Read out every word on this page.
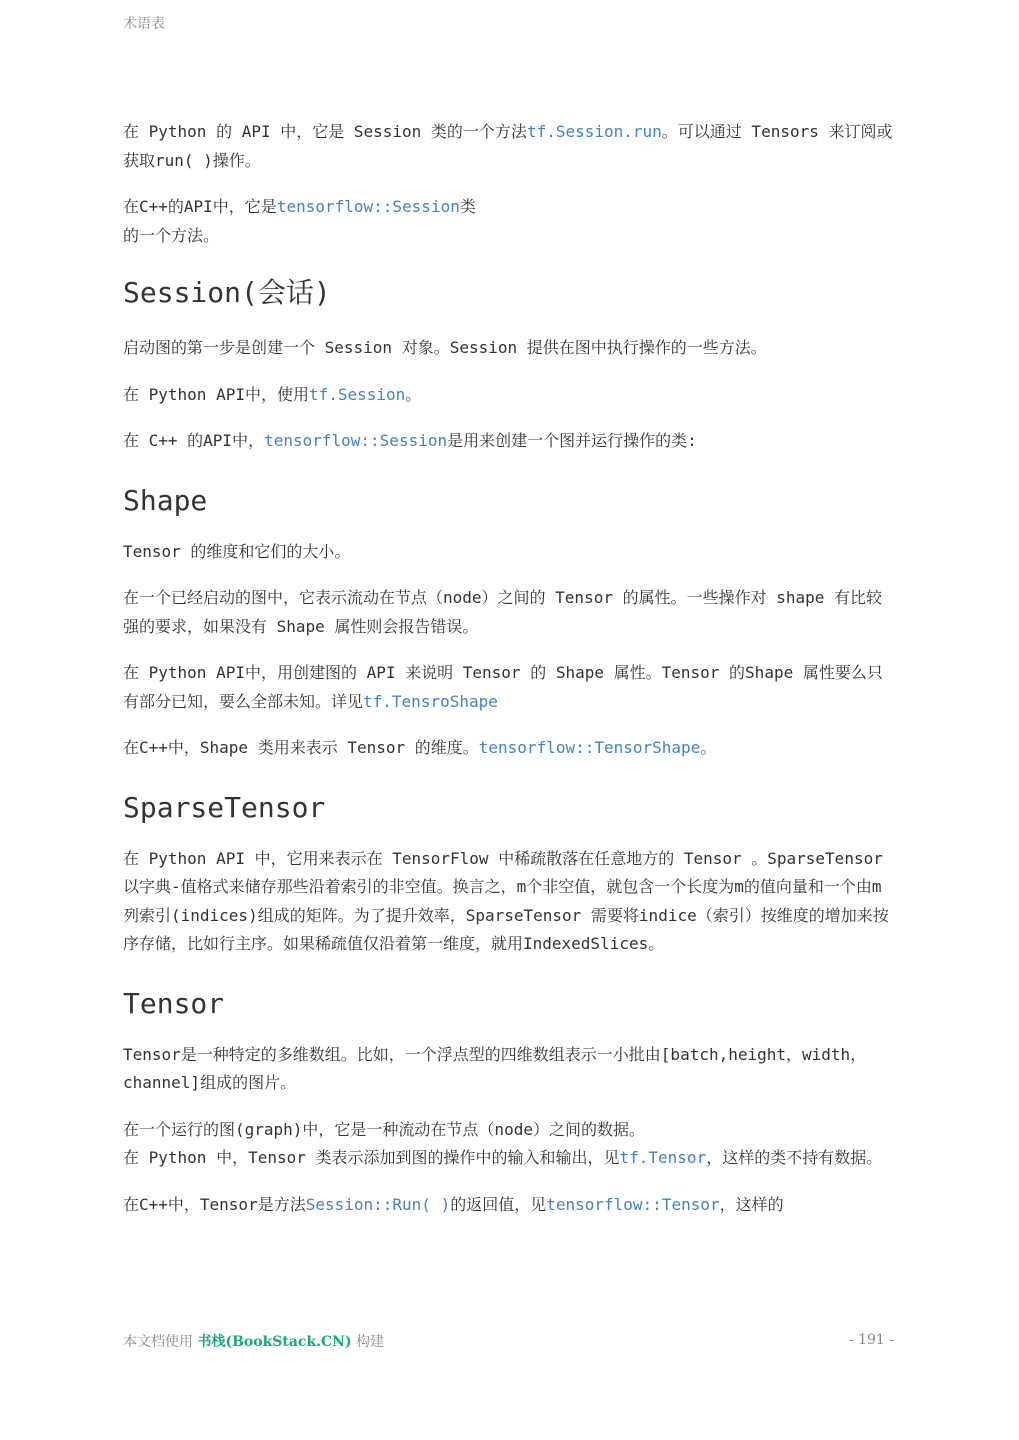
术语表

在 Python 的 API 中，它是 Session 类的一个方法tf.Session.run。可以通过 Tensors 来订阅或获取run( )操作。

在C++的API中，它是tensorflow::Session类
的一个方法。

Session(会话)

启动图的第一步是创建一个 Session 对象。Session 提供在图中执行操作的一些方法。

在 Python API中，使用tf.Session。

在 C++ 的API中，tensorflow::Session是用来创建一个图并运行操作的类:

Shape

Tensor 的维度和它们的大小。

在一个已经启动的图中，它表示流动在节点（node）之间的 Tensor 的属性。一些操作对 shape 有比较强的要求，如果没有 Shape 属性则会报告错误。

在 Python API中，用创建图的 API 来说明 Tensor 的 Shape 属性。Tensor 的Shape 属性要么只有部分已知，要么全部未知。详见tf.TensroShape

在C++中，Shape 类用来表示 Tensor 的维度。tensorflow::TensorShape。

SparseTensor

在 Python API 中，它用来表示在 TensorFlow 中稀疏散落在任意地方的 Tensor 。SparseTensor 以字典-值格式来储存那些沿着索引的非空值。换言之，m个非空值，就包含一个长度为m的值向量和一个由m列索引(indices)组成的矩阵。为了提升效率，SparseTensor 需要将indice（索引）按维度的增加来按序存储，比如行主序。如果稀疏值仅沿着第一维度，就用IndexedSlices。

Tensor

Tensor是一种特定的多维数组。比如，一个浮点型的四维数组表示一小批由[batch,height，width，channel]组成的图片。

在一个运行的图(graph)中，它是一种流动在节点（node）之间的数据。
在 Python 中，Tensor 类表示添加到图的操作中的输入和输出，见tf.Tensor，这样的类不持有数据。

在C++中，Tensor是方法Session::Run( )的返回值，见tensorflow::Tensor，这样的

本文档使用 书栈(BookStack.CN) 构建	- 191 -
